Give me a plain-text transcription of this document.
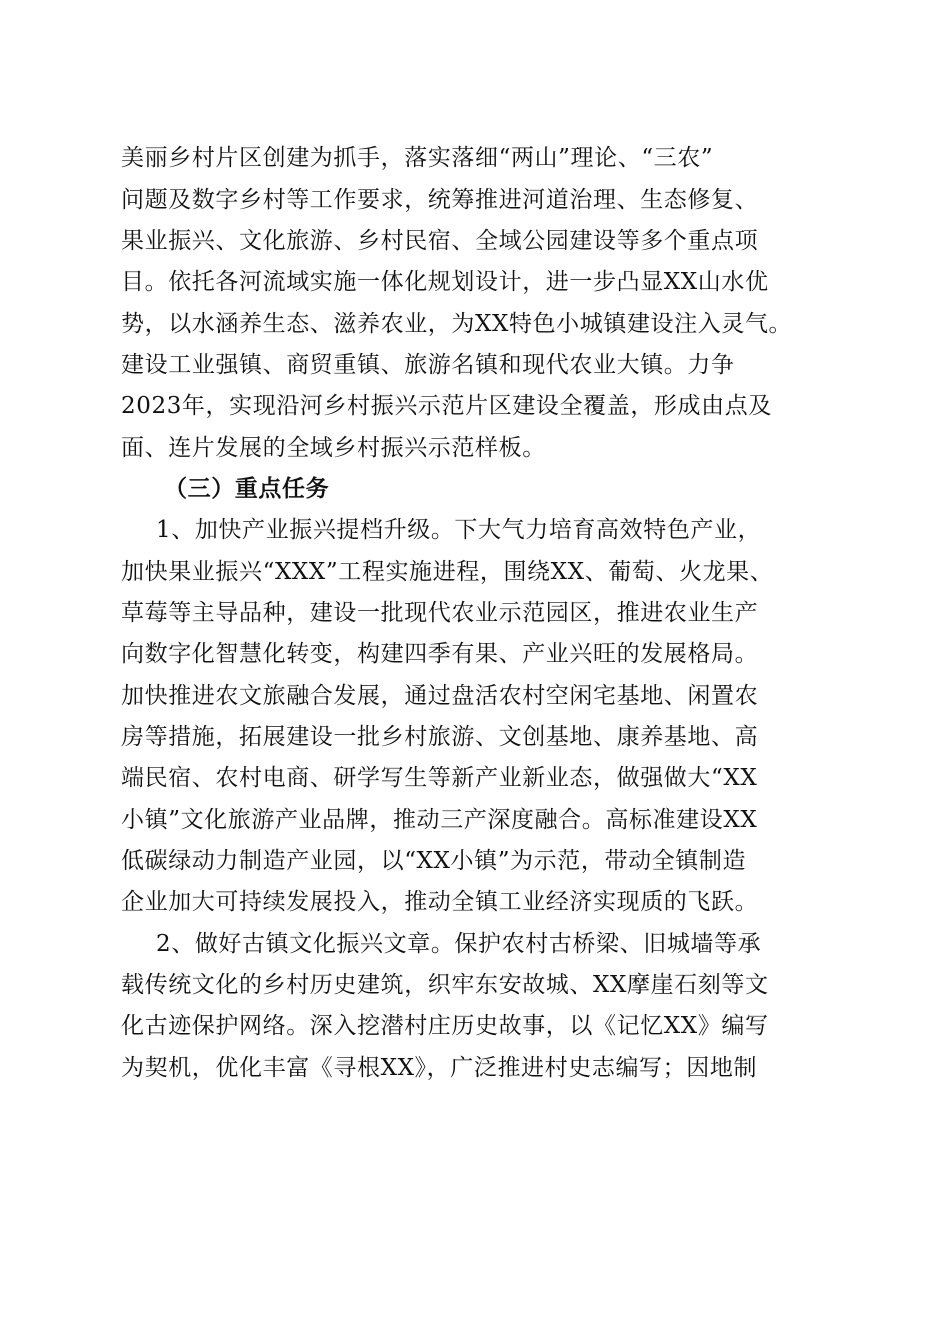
美丽乡村片区创建为抓手，落实落细“两山”理论、“三农”
问题及数字乡村等工作要求，统筹推进河道治理、生态修复、
果业振兴、文化旅游、乡村民宿、全域公园建设等多个重点项
目。依托各河流域实施一体化规划设计，进一步凸显XX山水优
势，以水涵养生态、滋养农业，为XX特色小城镇建设注入灵气。
建设工业强镇、商贸重镇、旅游名镇和现代农业大镇。力争
2023年，实现沿河乡村振兴示范片区建设全覆盖，形成由点及
面、连片发展的全域乡村振兴示范样板。
（三）重点任务
1、加快产业振兴提档升级。下大气力培育高效特色产业，
加快果业振兴“XXX”工程实施进程，围绕XX、葡萄、火龙果、
草莓等主导品种，建设一批现代农业示范园区，推进农业生产
向数字化智慧化转变，构建四季有果、产业兴旺的发展格局。
加快推进农文旅融合发展，通过盘活农村空闲宅基地、闲置农
房等措施，拓展建设一批乡村旅游、文创基地、康养基地、高
端民宿、农村电商、研学写生等新产业新业态，做强做大“XX
小镇”文化旅游产业品牌，推动三产深度融合。高标准建设XX
低碳绿动力制造产业园，以“XX小镇”为示范，带动全镇制造
企业加大可持续发展投入，推动全镇工业经济实现质的飞跃。
2、做好古镇文化振兴文章。保护农村古桥梁、旧城墙等承
载传统文化的乡村历史建筑，织牢东安故城、XX摩崖石刻等文
化古迹保护网络。深入挖潜村庄历史故事，以《记忆XX》编写
为契机，优化丰富《寻根XX》，广泛推进村史志编写；因地制
